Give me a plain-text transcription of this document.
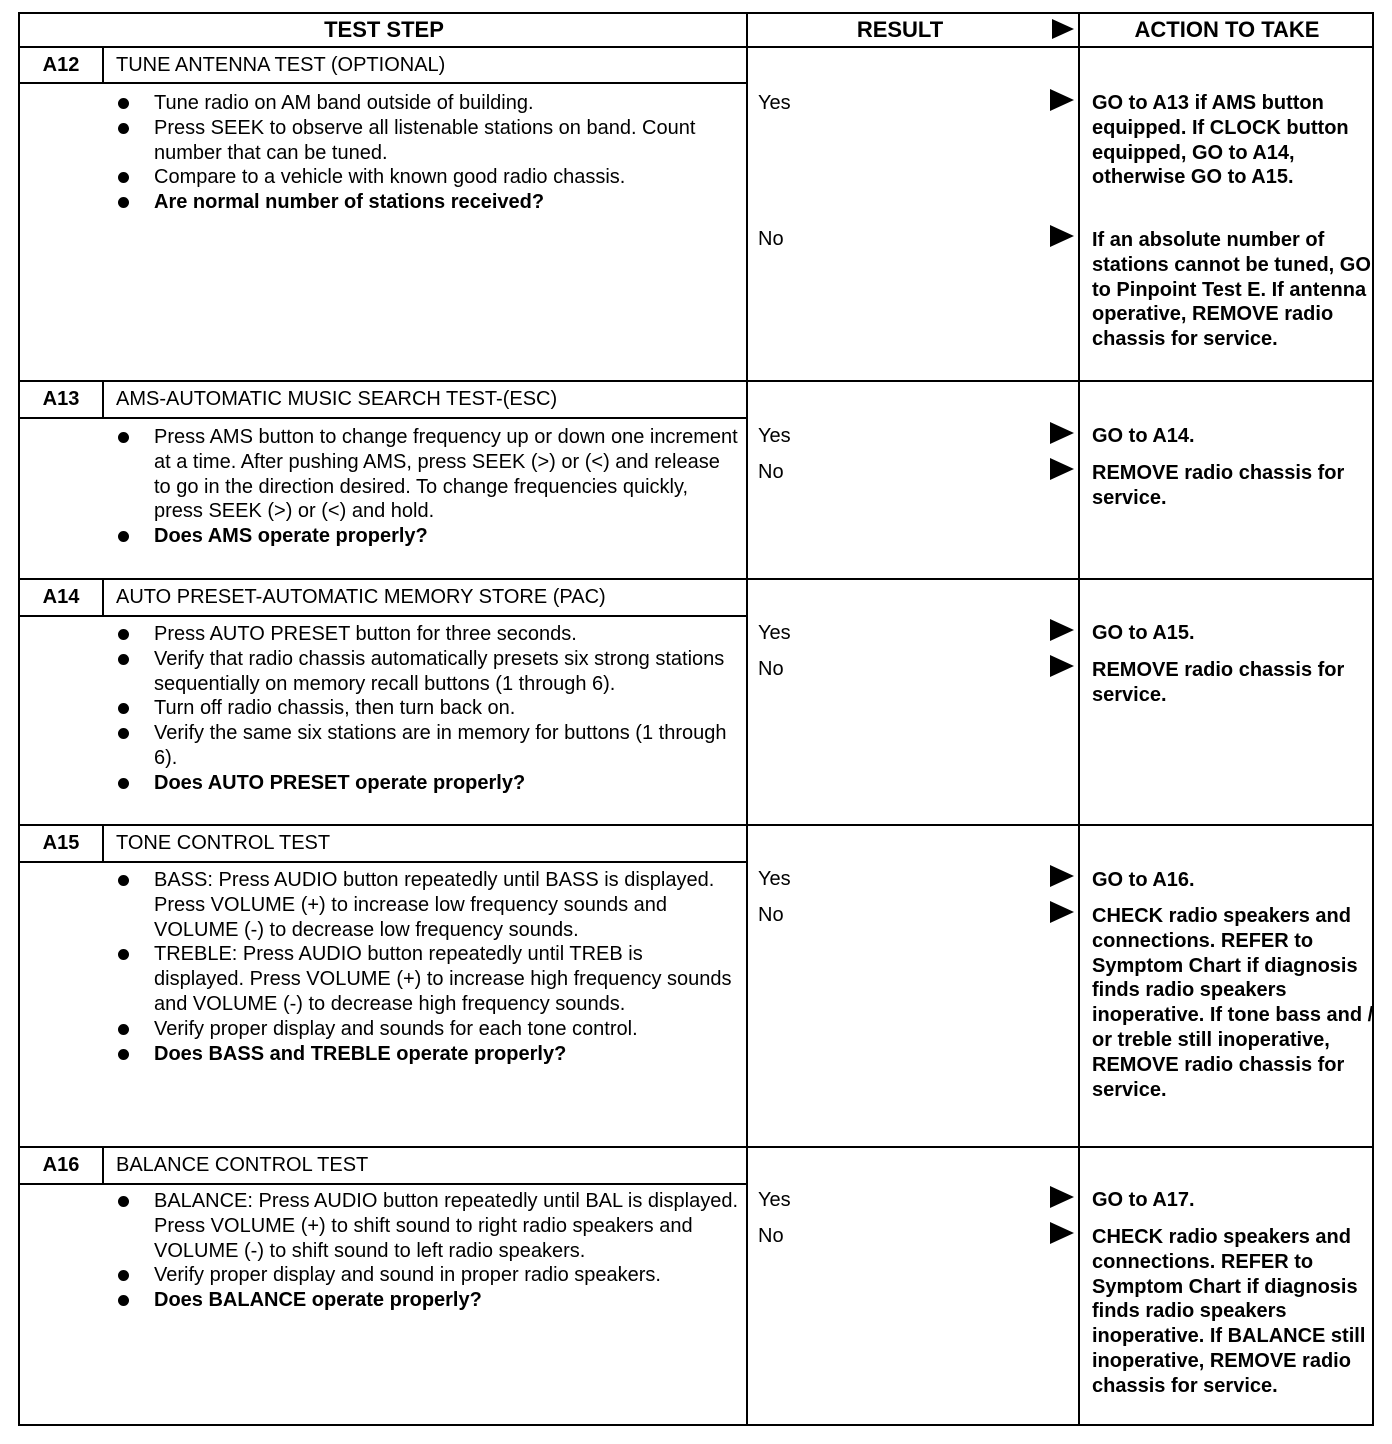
TEST STEP	RESULT	ACTION TO TAKE
A12	TUNE ANTENNA TEST (OPTIONAL)
Tune radio on AM band outside of building.
Press SEEK to observe all listenable stations on band. Count number that can be tuned.
Compare to a vehicle with known good radio chassis.
Are normal number of stations received?
Yes	GO to A13 if AMS button equipped. If CLOCK button equipped, GO to A14, otherwise GO to A15.
No	If an absolute number of stations cannot be tuned, GO to Pinpoint Test E. If antenna operative, REMOVE radio chassis for service.
A13	AMS-AUTOMATIC MUSIC SEARCH TEST-(ESC)
Press AMS button to change frequency up or down one increment at a time. After pushing AMS, press SEEK (>) or (<) and release to go in the direction desired. To change frequencies quickly, press SEEK (>) or (<) and hold.
Does AMS operate properly?
Yes	GO to A14.
No	REMOVE radio chassis for service.
A14	AUTO PRESET-AUTOMATIC MEMORY STORE (PAC)
Press AUTO PRESET button for three seconds.
Verify that radio chassis automatically presets six strong stations sequentially on memory recall buttons (1 through 6).
Turn off radio chassis, then turn back on.
Verify the same six stations are in memory for buttons (1 through 6).
Does AUTO PRESET operate properly?
Yes	GO to A15.
No	REMOVE radio chassis for service.
A15	TONE CONTROL TEST
BASS: Press AUDIO button repeatedly until BASS is displayed. Press VOLUME (+) to increase low frequency sounds and VOLUME (-) to decrease low frequency sounds.
TREBLE: Press AUDIO button repeatedly until TREB is displayed. Press VOLUME (+) to increase high frequency sounds and VOLUME (-) to decrease high frequency sounds.
Verify proper display and sounds for each tone control.
Does BASS and TREBLE operate properly?
Yes	GO to A16.
No	CHECK radio speakers and connections. REFER to Symptom Chart if diagnosis finds radio speakers inoperative. If tone bass and / or treble still inoperative, REMOVE radio chassis for service.
A16	BALANCE CONTROL TEST
BALANCE: Press AUDIO button repeatedly until BAL is displayed. Press VOLUME (+) to shift sound to right radio speakers and VOLUME (-) to shift sound to left radio speakers.
Verify proper display and sound in proper radio speakers.
Does BALANCE operate properly?
Yes	GO to A17.
No	CHECK radio speakers and connections. REFER to Symptom Chart if diagnosis finds radio speakers inoperative. If BALANCE still inoperative, REMOVE radio chassis for service.
